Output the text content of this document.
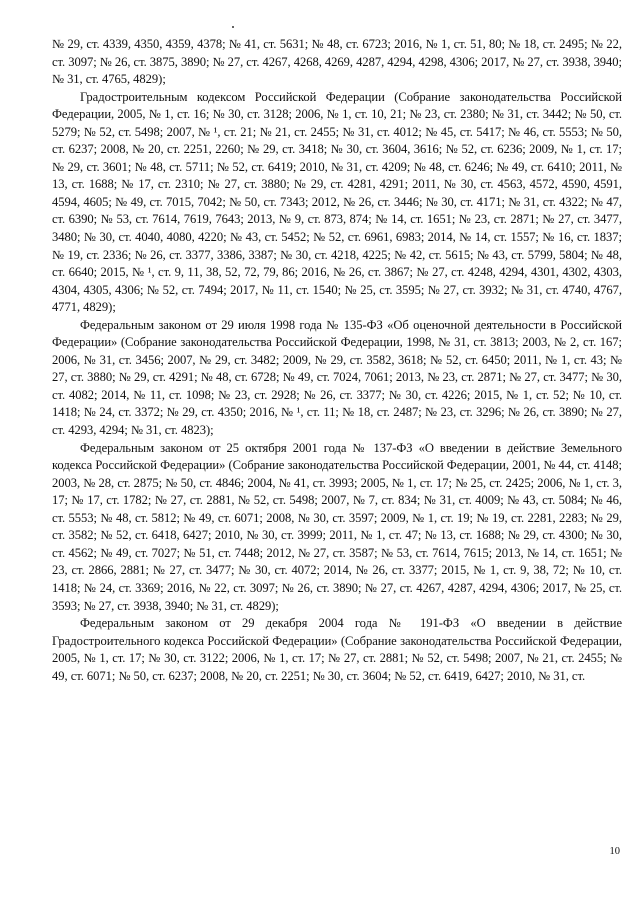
№ 29, ст. 4339, 4350, 4359, 4378; № 41, ст. 5631; № 48, ст. 6723; 2016, № 1, ст. 51, 80; № 18, ст. 2495; № 22, ст. 3097; № 26, ст. 3875, 3890; № 27, ст. 4267, 4268, 4269, 4287, 4294, 4298, 4306; 2017, № 27, ст. 3938, 3940; № 31, ст. 4765, 4829);

Градостроительным кодексом Российской Федерации (Собрание законодательства Российской Федерации, 2005, № 1, ст. 16; № 30, ст. 3128; 2006, № 1, ст. 10, 21; № 23, ст. 2380; № 31, ст. 3442; № 50, ст. 5279; № 52, ст. 5498; 2007, № ¹, ст. 21; № 21, ст. 2455; № 31, ст. 4012; № 45, ст. 5417; № 46, ст. 5553; № 50, ст. 6237; 2008, № 20, ст. 2251, 2260; № 29, ст. 3418; № 30, ст. 3604, 3616; № 52, ст. 6236; 2009, № 1, ст. 17; № 29, ст. 3601; № 48, ст. 5711; № 52, ст. 6419; 2010, № 31, ст. 4209; № 48, ст. 6246; № 49, ст. 6410; 2011, № 13, ст. 1688; № 17, ст. 2310; № 27, ст. 3880; № 29, ст. 4281, 4291; 2011, № 30, ст. 4563, 4572, 4590, 4591, 4594, 4605; № 49, ст. 7015, 7042; № 50, ст. 7343; 2012, № 26, ст. 3446; № 30, ст. 4171; № 31, ст. 4322; № 47, ст. 6390; № 53, ст. 7614, 7619, 7643; 2013, № 9, ст. 873, 874; № 14, ст. 1651; № 23, ст. 2871; № 27, ст. 3477, 3480; № 30, ст. 4040, 4080, 4220; № 43, ст. 5452; № 52, ст. 6961, 6983; 2014, № 14, ст. 1557; № 16, ст. 1837; № 19, ст. 2336; № 26, ст. 3377, 3386, 3387; № 30, ст. 4218, 4225; № 42, ст. 5615; № 43, ст. 5799, 5804; № 48, ст. 6640; 2015, № ¹, ст. 9, 11, 38, 52, 72, 79, 86; 2016, № 26, ст. 3867; № 27, ст. 4248, 4294, 4301, 4302, 4303, 4304, 4305, 4306; № 52, ст. 7494; 2017, № 11, ст. 1540; № 25, ст. 3595; № 27, ст. 3932; № 31, ст. 4740, 4767, 4771, 4829);

Федеральным законом от 29 июля 1998 года № 135-ФЗ «Об оценочной деятельности в Российской Федерации» (Собрание законодательства Российской Федерации, 1998, № 31, ст. 3813; 2003, № 2, ст. 167; 2006, № 31, ст. 3456; 2007, № 29, ст. 3482; 2009, № 29, ст. 3582, 3618; № 52, ст. 6450; 2011, № 1, ст. 43; № 27, ст. 3880; № 29, ст. 4291; № 48, ст. 6728; № 49, ст. 7024, 7061; 2013, № 23, ст. 2871; № 27, ст. 3477; № 30, ст. 4082; 2014, № 11, ст. 1098; № 23, ст. 2928; № 26, ст. 3377; № 30, ст. 4226; 2015, № 1, ст. 52; № 10, ст. 1418; № 24, ст. 3372; № 29, ст. 4350; 2016, № ¹, ст. 11; № 18, ст. 2487; № 23, ст. 3296; № 26, ст. 3890; № 27, ст. 4293, 4294; № 31, ст. 4823);

Федеральным законом от 25 октября 2001 года № 137-ФЗ «О введении в действие Земельного кодекса Российской Федерации» (Собрание законодательства Российской Федерации, 2001, № 44, ст. 4148; 2003, № 28, ст. 2875; № 50, ст. 4846; 2004, № 41, ст. 3993; 2005, № 1, ст. 17; № 25, ст. 2425; 2006, № 1, ст. 3, 17; № 17, ст. 1782; № 27, ст. 2881, № 52, ст. 5498; 2007, № 7, ст. 834; № 31, ст. 4009; № 43, ст. 5084; № 46, ст. 5553; № 48, ст. 5812; № 49, ст. 6071; 2008, № 30, ст. 3597; 2009, № 1, ст. 19; № 19, ст. 2281, 2283; № 29, ст. 3582; № 52, ст. 6418, 6427; 2010, № 30, ст. 3999; 2011, № 1, ст. 47; № 13, ст. 1688; № 29, ст. 4300; № 30, ст. 4562; № 49, ст. 7027; № 51, ст. 7448; 2012, № 27, ст. 3587; № 53, ст. 7614, 7615; 2013, № 14, ст. 1651; № 23, ст. 2866, 2881; № 27, ст. 3477; № 30, ст. 4072; 2014, № 26, ст. 3377; 2015, № 1, ст. 9, 38, 72; № 10, ст. 1418; № 24, ст. 3369; 2016, № 22, ст. 3097; № 26, ст. 3890; № 27, ст. 4267, 4287, 4294, 4306; 2017, № 25, ст. 3593; № 27, ст. 3938, 3940; № 31, ст. 4829);

Федеральным законом от 29 декабря 2004 года № 191-ФЗ «О введении в действие Градостроительного кодекса Российской Федерации» (Собрание законодательства Российской Федерации, 2005, № 1, ст. 17; № 30, ст. 3122; 2006, № 1, ст. 17; № 27, ст. 2881; № 52, ст. 5498; 2007, № 21, ст. 2455; № 49, ст. 6071; № 50, ст. 6237; 2008, № 20, ст. 2251; № 30, ст. 3604; № 52, ст. 6419, 6427; 2010, № 31, ст.

10
